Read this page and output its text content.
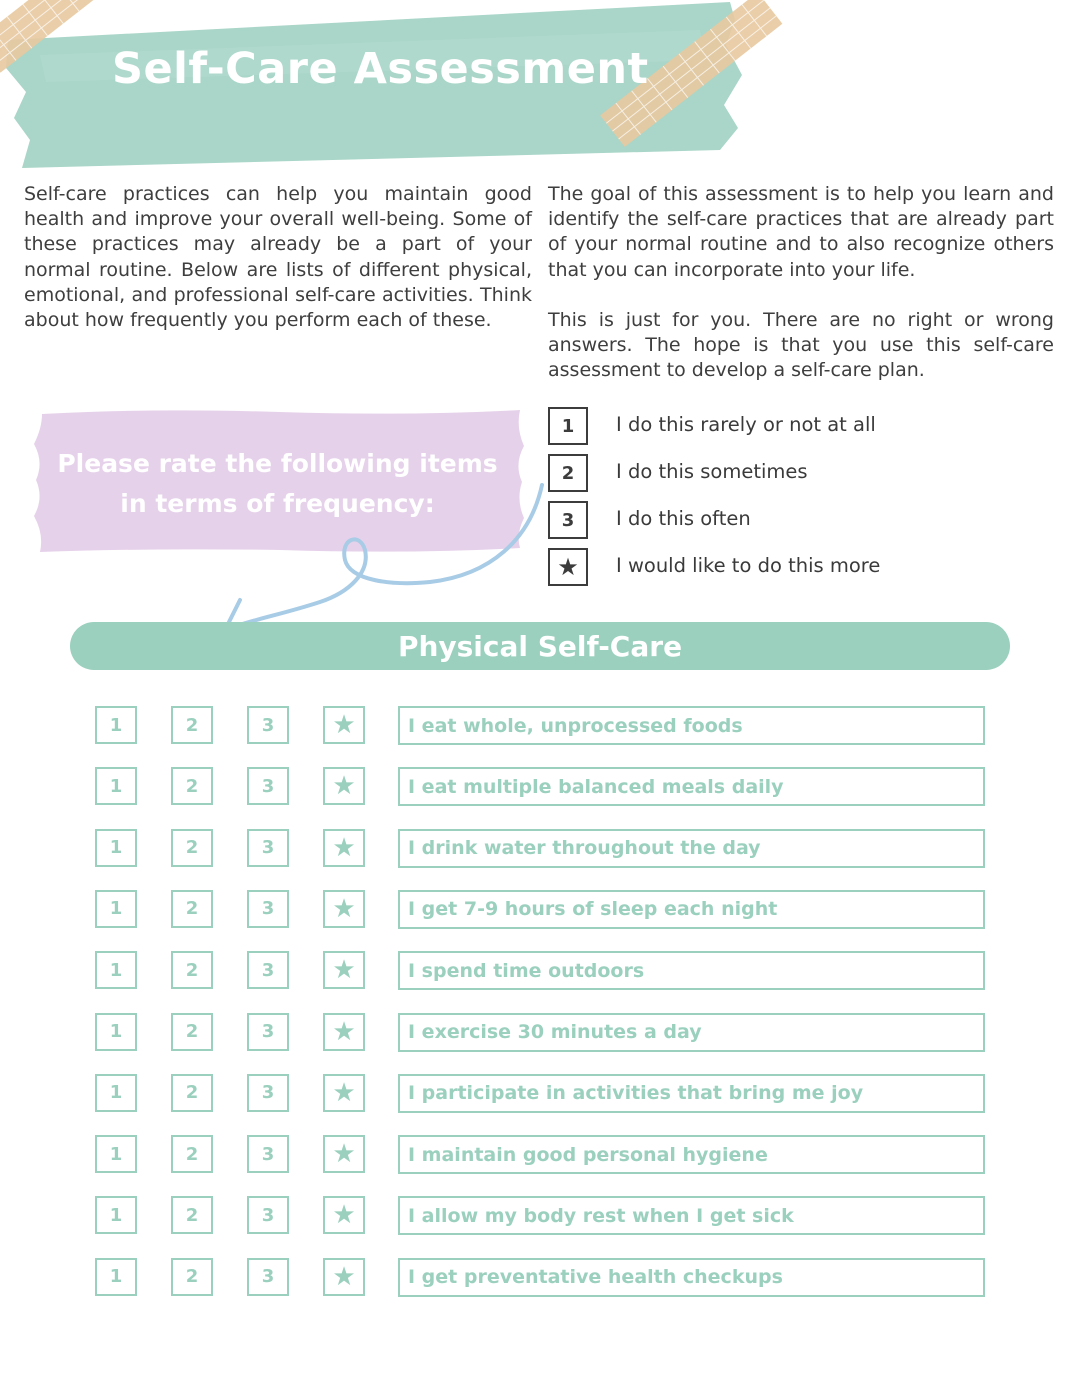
Self-Care Assessment

Self-care practices can help you maintain good health and improve your overall well-being. Some of these practices may already be a part of your normal routine. Below are lists of different physical, emotional, and professional self-care activities. Think about how frequently you perform each of these.

The goal of this assessment is to help you learn and identify the self-care practices that are already part of your normal routine and to also recognize others that you can incorporate into your life.

This is just for you. There are no right or wrong answers. The hope is that you use this self-care assessment to develop a self-care plan.

Please rate the following items
in terms of frequency:
1	I do this rarely or not at all
2	I do this sometimes
3	I do this often
★	I would like to do this more
Physical Self-Care
1	2	3	★	I eat whole, unprocessed foods
1	2	3	★	I eat multiple balanced meals daily
1	2	3	★	I drink water throughout the day
1	2	3	★	I get 7-9 hours of sleep each night
1	2	3	★	I spend time outdoors
1	2	3	★	I exercise 30 minutes a day
1	2	3	★	I participate in activities that bring me joy
1	2	3	★	I maintain good personal hygiene
1	2	3	★	I allow my body rest when I get sick
1	2	3	★	I get preventative health checkups
